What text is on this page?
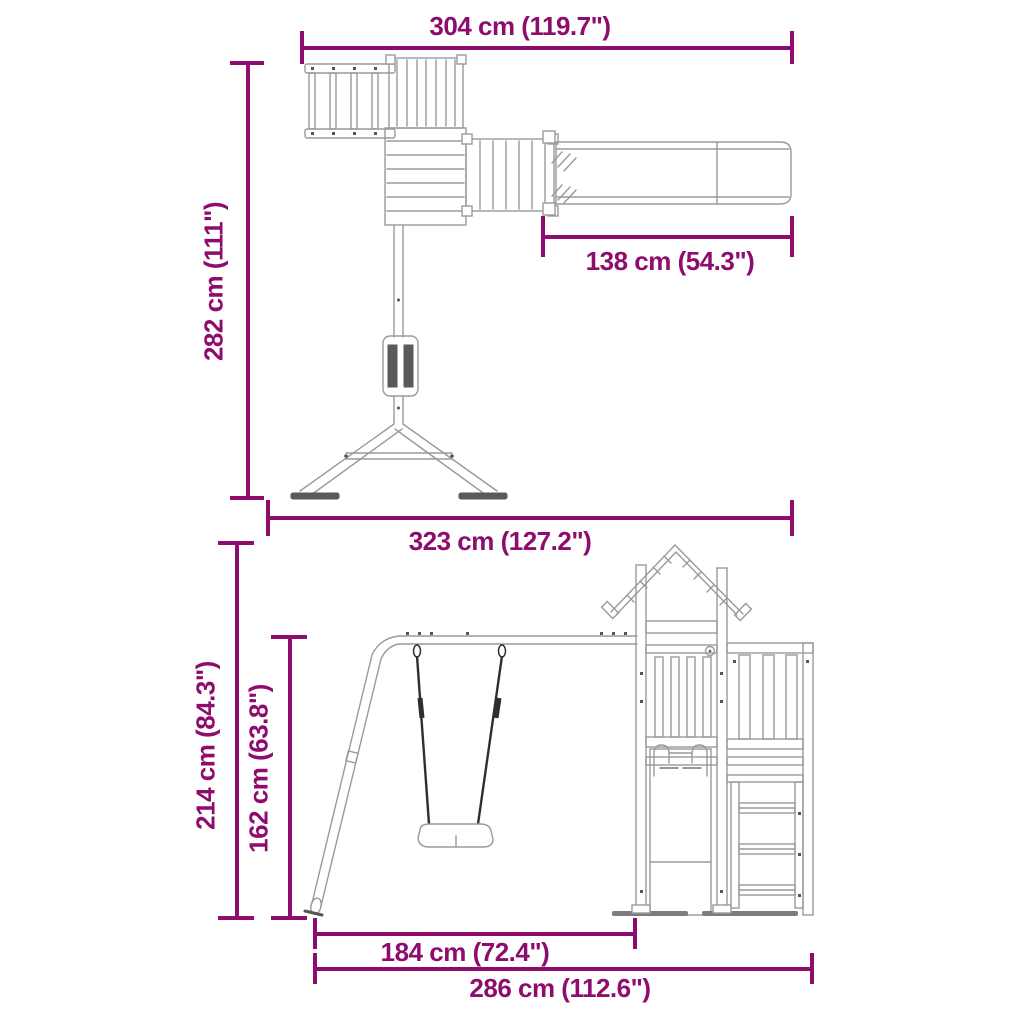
304 cm (119.7")
282 cm (111")	138 cm (54.3")
323 cm (127.2")
214 cm (84.3") 162 cm (63.8")
184 cm (72.4")
286 cm (112.6")
